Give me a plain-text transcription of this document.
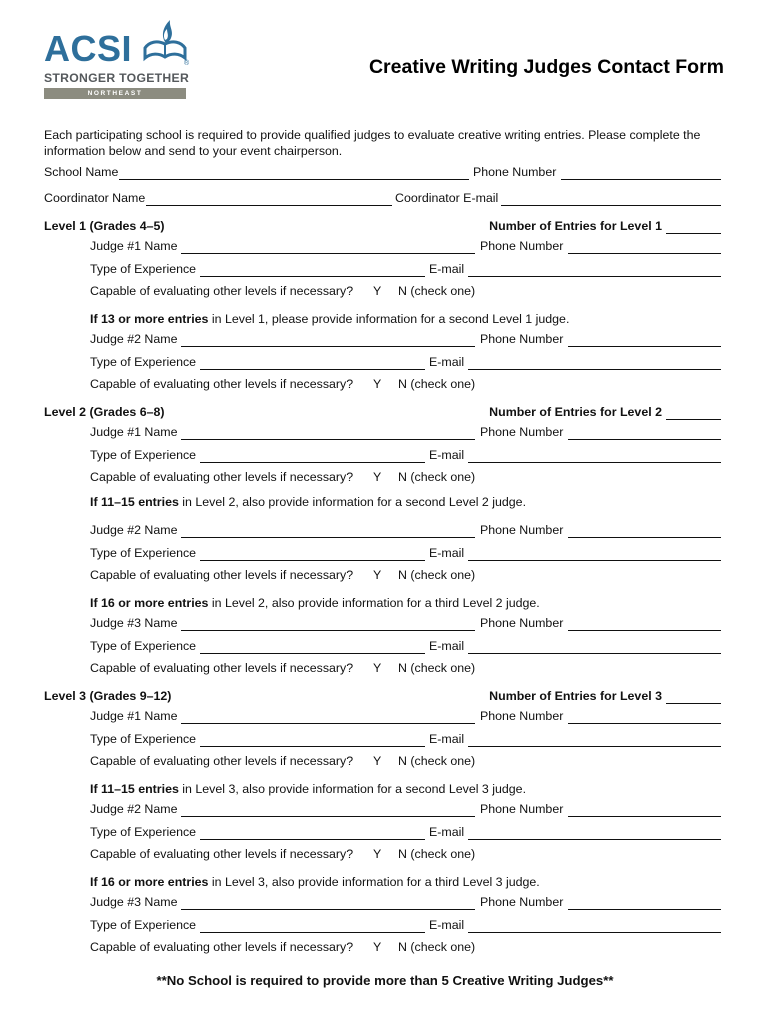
ACSI	®
STRONGER TOGETHER
NORTHEAST
Creative Writing Judges Contact Form
Each participating school is required to provide qualified judges to evaluate creative writing entries. Please complete the information below and send to your event chairperson.
School Name	Phone Number
Coordinator Name	Coordinator E-mail
Level 1 (Grades 4–5)	Number of Entries for Level 1
Judge #1 Name	Phone Number
Type of Experience	E-mail
Capable of evaluating other levels if necessary? Y N (check one)
If 13 or more entries in Level 1, please provide information for a second Level 1 judge.
Judge #2 Name	Phone Number
Type of Experience	E-mail
Capable of evaluating other levels if necessary? Y N (check one)
Level 2 (Grades 6–8)	Number of Entries for Level 2
Judge #1 Name	Phone Number
Type of Experience	E-mail
Capable of evaluating other levels if necessary? Y N (check one)
If 11–15 entries in Level 2, also provide information for a second Level 2 judge.
Judge #2 Name	Phone Number
Type of Experience	E-mail
Capable of evaluating other levels if necessary? Y N (check one)
If 16 or more entries in Level 2, also provide information for a third Level 2 judge.
Judge #3 Name	Phone Number
Type of Experience	E-mail
Capable of evaluating other levels if necessary? Y N (check one)
Level 3 (Grades 9–12)	Number of Entries for Level 3
Judge #1 Name	Phone Number
Type of Experience	E-mail
Capable of evaluating other levels if necessary? Y N (check one)
If 11–15 entries in Level 3, also provide information for a second Level 3 judge.
Judge #2 Name	Phone Number
Type of Experience	E-mail
Capable of evaluating other levels if necessary? Y N (check one)
If 16 or more entries in Level 3, also provide information for a third Level 3 judge.
Judge #3 Name	Phone Number
Type of Experience	E-mail
Capable of evaluating other levels if necessary? Y N (check one)
**No School is required to provide more than 5 Creative Writing Judges**
